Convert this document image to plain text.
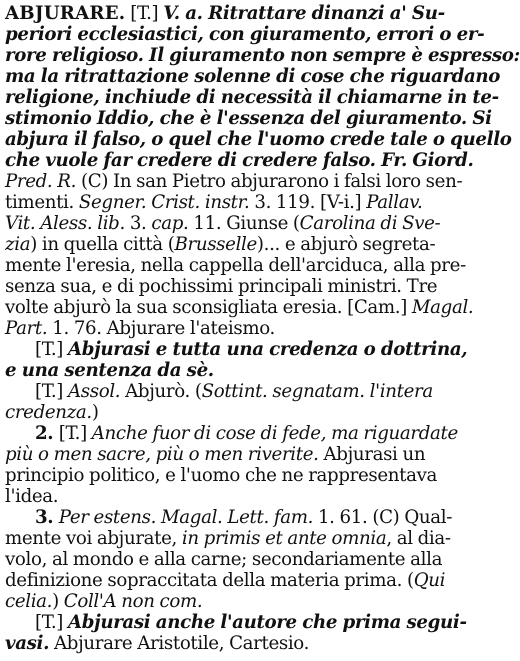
ABJURARE. [T.] V. a. Ritrattare dinanzi a' Su-
periori ecclesiastici, con giuramento, errori o er-
rore religioso. Il giuramento non sempre è espresso:
ma la ritrattazione solenne di cose che riguardano
religione, inchiude di necessità il chiamarne in te-
stimonio Iddio, che è l'essenza del giuramento. Si
abjura il falso, o quel che l'uomo crede tale o quello
che vuole far credere di credere falso. Fr. Giord.
Pred. R. (C) In san Pietro abjurarono i falsi loro sen-
timenti. Segner. Crist. instr. 3. 119. [V-i.] Pallav.
Vit. Aless. lib. 3. cap. 11. Giunse (Carolina di Sve-
zia) in quella città (Brusselle)... e abjurò segreta-
mente l'eresia, nella cappella dell'arciduca, alla pre-
senza sua, e di pochissimi principali ministri. Tre
volte abjurò la sua sconsigliata eresia. [Cam.] Magal.
Part. 1. 76. Abjurare l'ateismo.
[T.] Abjurasi e tutta una credenza o dottrina,
e una sentenza da sè.
[T.] Assol. Abjurò. (Sottint. segnatam. l'intera
credenza.)
2. [T.] Anche fuor di cose di fede, ma riguardate
più o men sacre, più o men riverite. Abjurasi un
principio politico, e l'uomo che ne rappresentava
l'idea.
3. Per estens. Magal. Lett. fam. 1. 61. (C) Qual-
mente voi abjurate, in primis et ante omnia, al dia-
volo, al mondo e alla carne; secondariamente alla
definizione sopraccitata della materia prima. (Qui
celia.) Coll'A non com.
[T.] Abjurasi anche l'autore che prima segui-
vasi. Abjurare Aristotile, Cartesio.
